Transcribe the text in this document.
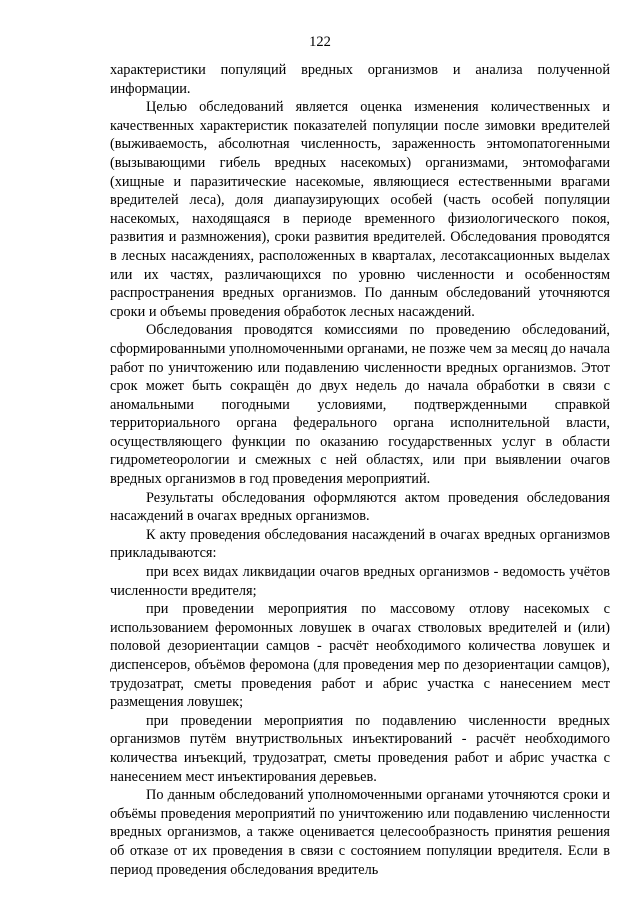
122

характеристики популяций вредных организмов и анализа полученной информации.

Целью обследований является оценка изменения количественных и качественных характеристик показателей популяции после зимовки вредителей (выживаемость, абсолютная численность, зараженность энтомопатогенными (вызывающими гибель вредных насекомых) организмами, энтомофагами (хищные и паразитические насекомые, являющиеся естественными врагами вредителей леса), доля диапаузирующих особей (часть особей популяции насекомых, находящаяся в периоде временного физиологического покоя, развития и размножения), сроки развития вредителей. Обследования проводятся в лесных насаждениях, расположенных в кварталах, лесотаксационных выделах или их частях, различающихся по уровню численности и особенностям распространения вредных организмов. По данным обследований уточняются сроки и объемы проведения обработок лесных насаждений.

Обследования проводятся комиссиями по проведению обследований, сформированными уполномоченными органами, не позже чем за месяц до начала работ по уничтожению или подавлению численности вредных организмов. Этот срок может быть сокращён до двух недель до начала обработки в связи с аномальными погодными условиями, подтвержденными справкой территориального органа федерального органа исполнительной власти, осуществляющего функции по оказанию государственных услуг в области гидрометеорологии и смежных с ней областях, или при выявлении очагов вредных организмов в год проведения мероприятий.

Результаты обследования оформляются актом проведения обследования насаждений в очагах вредных организмов.

К акту проведения обследования насаждений в очагах вредных организмов прикладываются:

при всех видах ликвидации очагов вредных организмов - ведомость учётов численности вредителя;

при проведении мероприятия по массовому отлову насекомых с использованием феромонных ловушек в очагах стволовых вредителей и (или) половой дезориентации самцов - расчёт необходимого количества ловушек и диспенсеров, объёмов феромона (для проведения мер по дезориентации самцов), трудозатрат, сметы проведения работ и абрис участка с нанесением мест размещения ловушек;

при проведении мероприятия по подавлению численности вредных организмов путём внутриствольных инъектирований - расчёт необходимого количества инъекций, трудозатрат, сметы проведения работ и абрис участка с нанесением мест инъектирования деревьев.

По данным обследований уполномоченными органами уточняются сроки и объёмы проведения мероприятий по уничтожению или подавлению численности вредных организмов, а также оценивается целесообразность принятия решения об отказе от их проведения в связи с состоянием популяции вредителя. Если в период проведения обследования вредитель
